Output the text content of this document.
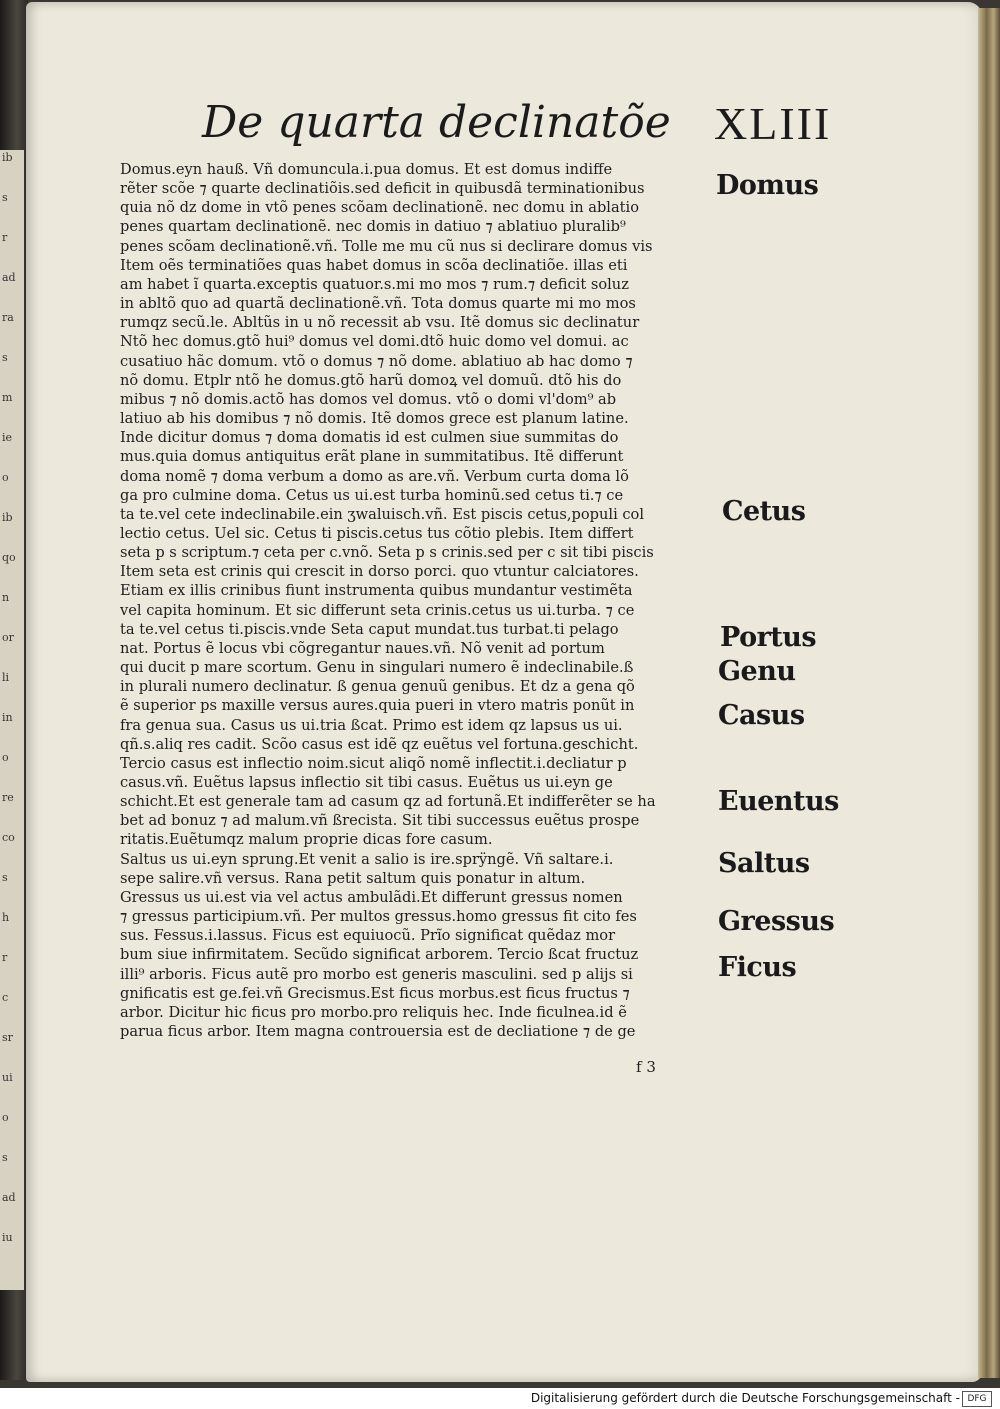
ib
s
r
ad
ra
s
m
ie
o
ib
qo
n
or
li
in
o
re
co
s
h
r
c
sr
ui
o
s
ad
iu
De quarta declinatõe XLIII
Domus.eyn hauß. Vñ domuncula.i.pua domus. Et est domus indiffe
rẽter scõe ⁊ quarte declinatiõis.sed deficit in quibusdã terminationibus
quia nõ dz dome in vtõ penes scõam declinationẽ. nec domu in ablatio
penes quartam declinationẽ. nec domis in datiuo ⁊ ablatiuo pluralib⁹
penes scõam declinationẽ.vñ. Tolle me mu cũ nus si declirare domus vis
Item oẽs terminatiões quas habet domus in scõa declinatiõe. illas eti
am habet ĩ quarta.exceptis quatuor.s.mi mo mos ⁊ rum.⁊ deficit soluz
in abltõ quo ad quartã declinationẽ.vñ. Tota domus quarte mi mo mos
rumqz secũ.le. Abltũs in u nõ recessit ab vsu. Itẽ domus sic declinatur
Ntõ hec domus.gtõ hui⁹ domus vel domi.dtõ huic domo vel domui. ac
cusatiuo hãc domum. vtõ o domus ⁊ nõ dome. ablatiuo ab hac domo ⁊
nõ domu. Etplr ntõ he domus.gtõ harũ domoꝝ vel domuũ. dtõ his do
mibus ⁊ nõ domis.actõ has domos vel domus. vtõ o domi vl'dom⁹ ab
latiuo ab his domibus ⁊ nõ domis. Itẽ domos grece est planum latine.
Inde dicitur domus ⁊ doma domatis id est culmen siue summitas do
mus.quia domus antiquitus erãt plane in summitatibus. Itẽ differunt
doma nomẽ ⁊ doma verbum a domo as are.vñ. Verbum curta doma lõ
ga pro culmine doma. Cetus us ui.est turba hominũ.sed cetus ti.⁊ ce
ta te.vel cete indeclinabile.ein ʒwaluisch.vñ. Est piscis cetus,populi col
lectio cetus. Uel sic. Cetus ti piscis.cetus tus cõtio plebis. Item differt
seta p s scriptum.⁊ ceta per c.vnõ. Seta p s crinis.sed per c sit tibi piscis
Item seta est crinis qui crescit in dorso porci. quo vtuntur calciatores.
Etiam ex illis crinibus fiunt instrumenta quibus mundantur vestimẽta
vel capita hominum. Et sic differunt seta crinis.cetus us ui.turba. ⁊ ce
ta te.vel cetus ti.piscis.vnde Seta caput mundat.tus turbat.ti pelago
nat. Portus ẽ locus vbi cõgregantur naues.vñ. Nõ venit ad portum
qui ducit p mare scortum. Genu in singulari numero ẽ indeclinabile.ß
in plurali numero declinatur. ß genua genuũ genibus. Et dz a gena qõ
ẽ superior ps maxille versus aures.quia pueri in vtero matris ponũt in
fra genua sua. Casus us ui.tria ßcat. Primo est idem qz lapsus us ui.
qñ.s.aliq res cadit. Scõo casus est idẽ qz euẽtus vel fortuna.geschicht.
Tercio casus est inflectio noim.sicut aliqõ nomẽ inflectit.i.decliatur p
casus.vñ. Euẽtus lapsus inflectio sit tibi casus. Euẽtus us ui.eyn ge
schicht.Et est generale tam ad casum qz ad fortunã.Et indifferẽter se ha
bet ad bonuz ⁊ ad malum.vñ ßrecista. Sit tibi successus euẽtus prospe
ritatis.Euẽtumqz malum proprie dicas fore casum.
Saltus us ui.eyn sprung.Et venit a salio is ire.sprÿngẽ. Vñ saltare.i.
sepe salire.vñ versus. Rana petit saltum quis ponatur in altum.
Gressus us ui.est via vel actus ambulãdi.Et differunt gressus nomen
⁊ gressus participium.vñ. Per multos gressus.homo gressus fit cito fes
sus. Fessus.i.lassus. Ficus est equiuocũ. Prĩo significat quẽdaz mor
bum siue infirmitatem. Secũdo significat arborem. Tercio ßcat fructuz
illi⁹ arboris. Ficus autẽ pro morbo est generis masculini. sed p alijs si
gnificatis est ge.fei.vñ Grecismus.Est ficus morbus.est ficus fructus ⁊
arbor. Dicitur hic ficus pro morbo.pro reliquis hec. Inde ficulnea.id ẽ
parua ficus arbor. Item magna controuersia est de decliatione ⁊ de ge
Domus
Cetus
Portus
Genu
Casus
Euentus
Saltus
Gressus
Ficus
f 3
Digitalisierung gefördert durch die Deutsche Forschungsgemeinschaft - DFG
